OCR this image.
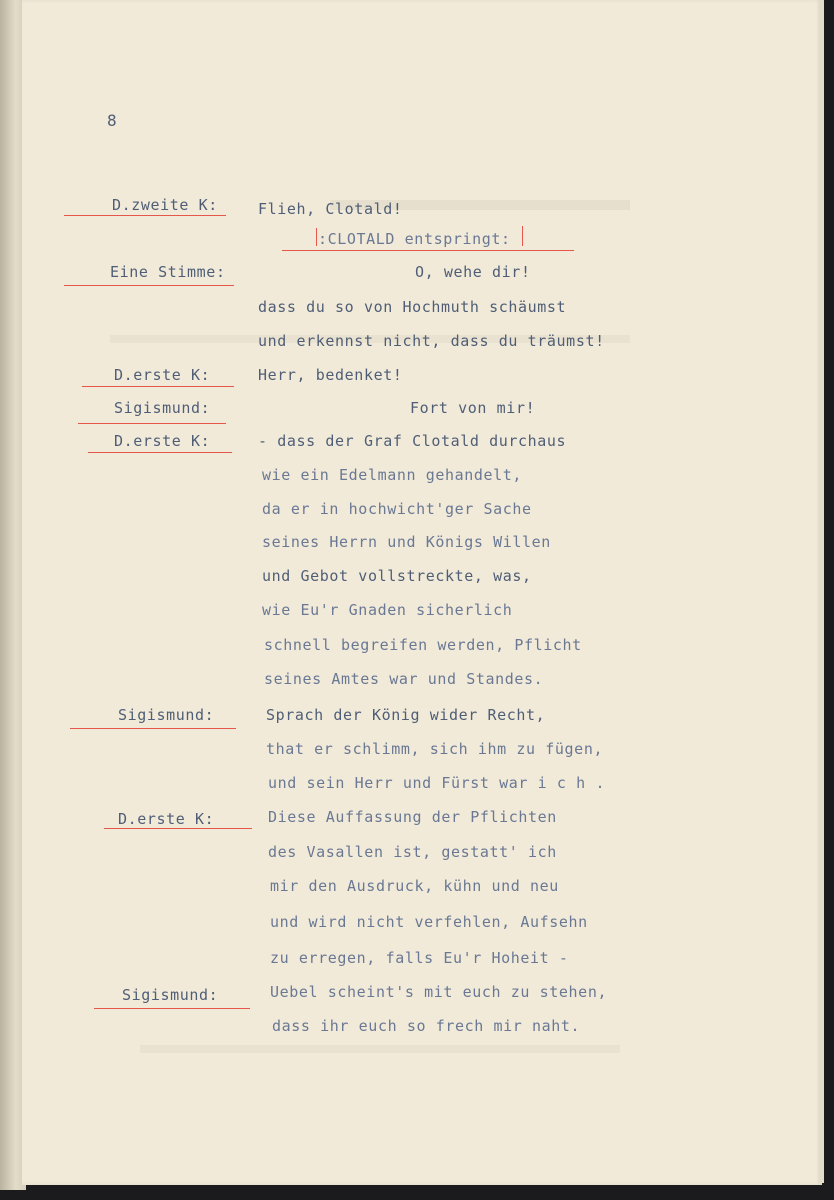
8
D.zweite K:	Flieh, Clotald!
:CLOTALD entspringt:
Eine Stimme:	O, wehe dir!
dass du so von Hochmuth schäumst
und erkennst nicht, dass du träumst!
D.erste K:	Herr, bedenket!
Sigismund:	Fort von mir!
D.erste K:	- dass der Graf Clotald durchaus
wie ein Edelmann gehandelt,
da er in hochwicht'ger Sache
seines Herrn und Königs Willen
und Gebot vollstreckte, was,
wie Eu'r Gnaden sicherlich
schnell begreifen werden, Pflicht
seines Amtes war und Standes.
Sigismund:	Sprach der König wider Recht,
that er schlimm, sich ihm zu fügen,
und sein Herr und Fürst war i c h .
D.erste K:	Diese Auffassung der Pflichten
des Vasallen ist, gestatt' ich
mir den Ausdruck, kühn und neu
und wird nicht verfehlen, Aufsehn
zu erregen, falls Eu'r Hoheit -
Sigismund:	Uebel scheint's mit euch zu stehen,
dass ihr euch so frech mir naht.
